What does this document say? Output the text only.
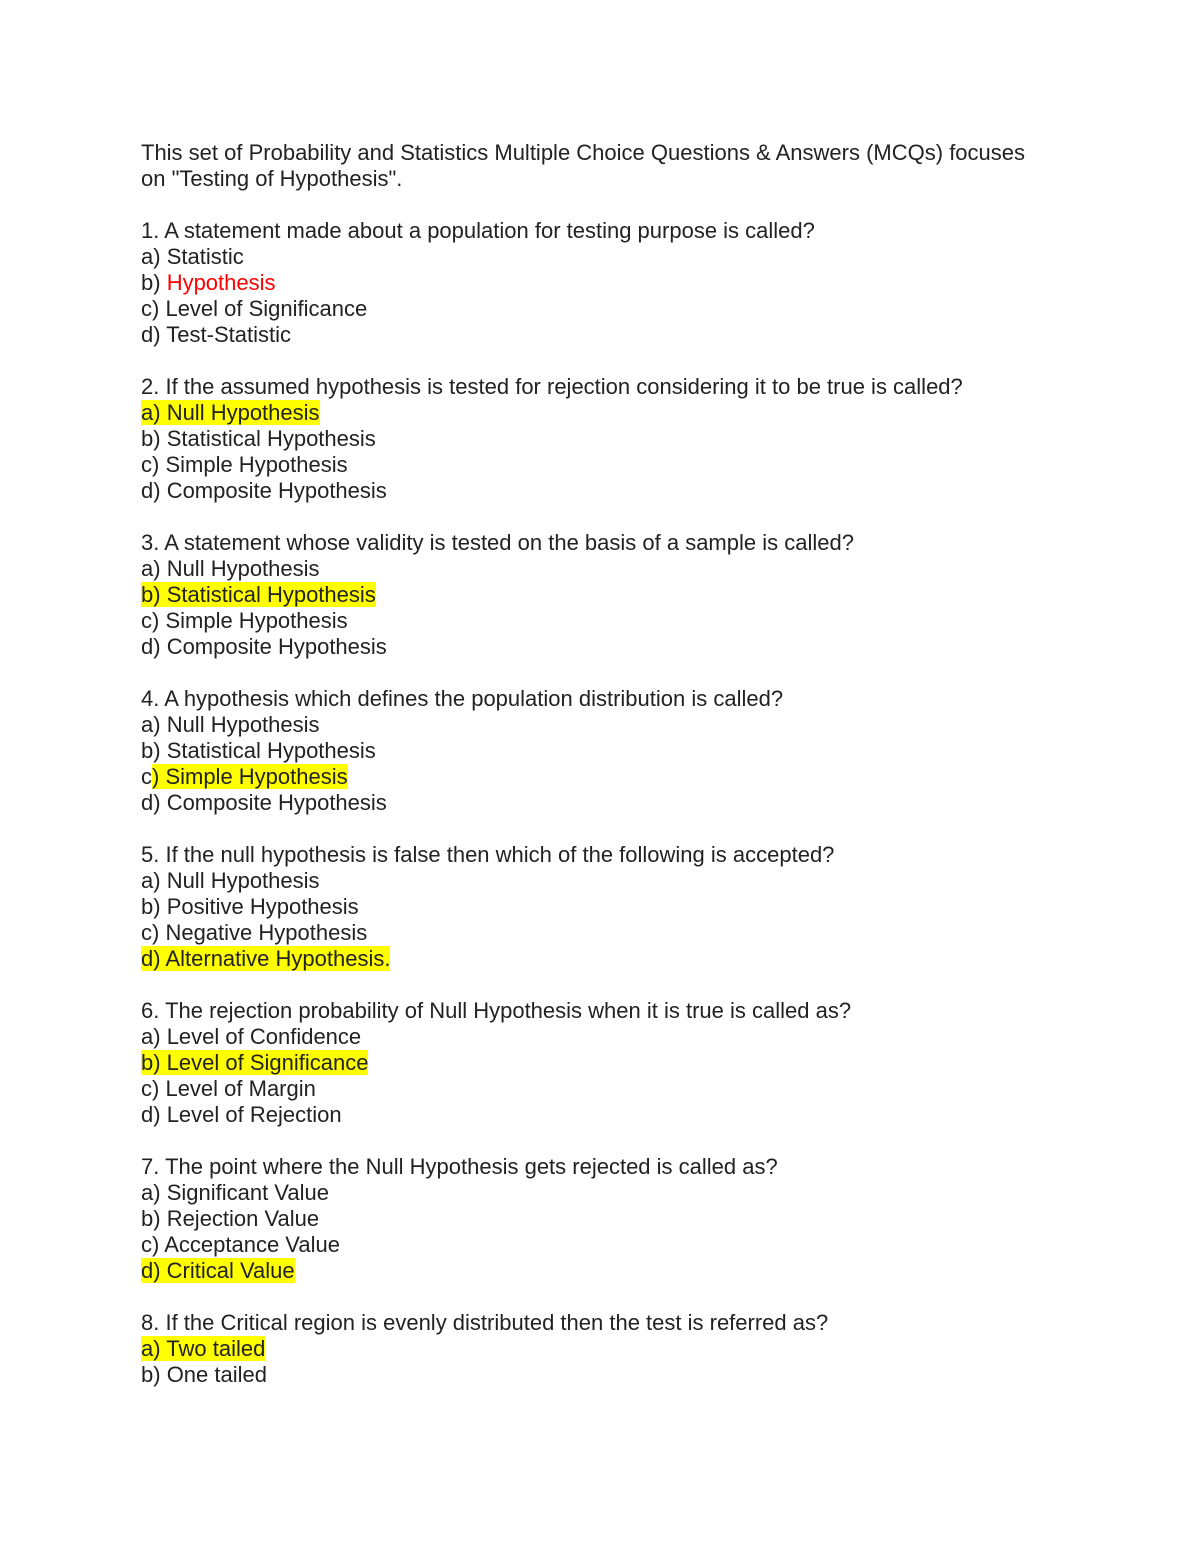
This set of Probability and Statistics Multiple Choice Questions & Answers (MCQs) focuses
on "Testing of Hypothesis".
1. A statement made about a population for testing purpose is called?
a) Statistic
b) Hypothesis
c) Level of Significance
d) Test-Statistic
2. If the assumed hypothesis is tested for rejection considering it to be true is called?
a) Null Hypothesis
b) Statistical Hypothesis
c) Simple Hypothesis
d) Composite Hypothesis
3. A statement whose validity is tested on the basis of a sample is called?
a) Null Hypothesis
b) Statistical Hypothesis
c) Simple Hypothesis
d) Composite Hypothesis
4. A hypothesis which defines the population distribution is called?
a) Null Hypothesis
b) Statistical Hypothesis
c) Simple Hypothesis
d) Composite Hypothesis
5. If the null hypothesis is false then which of the following is accepted?
a) Null Hypothesis
b) Positive Hypothesis
c) Negative Hypothesis
d) Alternative Hypothesis.
6. The rejection probability of Null Hypothesis when it is true is called as?
a) Level of Confidence
b) Level of Significance
c) Level of Margin
d) Level of Rejection
7. The point where the Null Hypothesis gets rejected is called as?
a) Significant Value
b) Rejection Value
c) Acceptance Value
d) Critical Value
8. If the Critical region is evenly distributed then the test is referred as?
a) Two tailed
b) One tailed
